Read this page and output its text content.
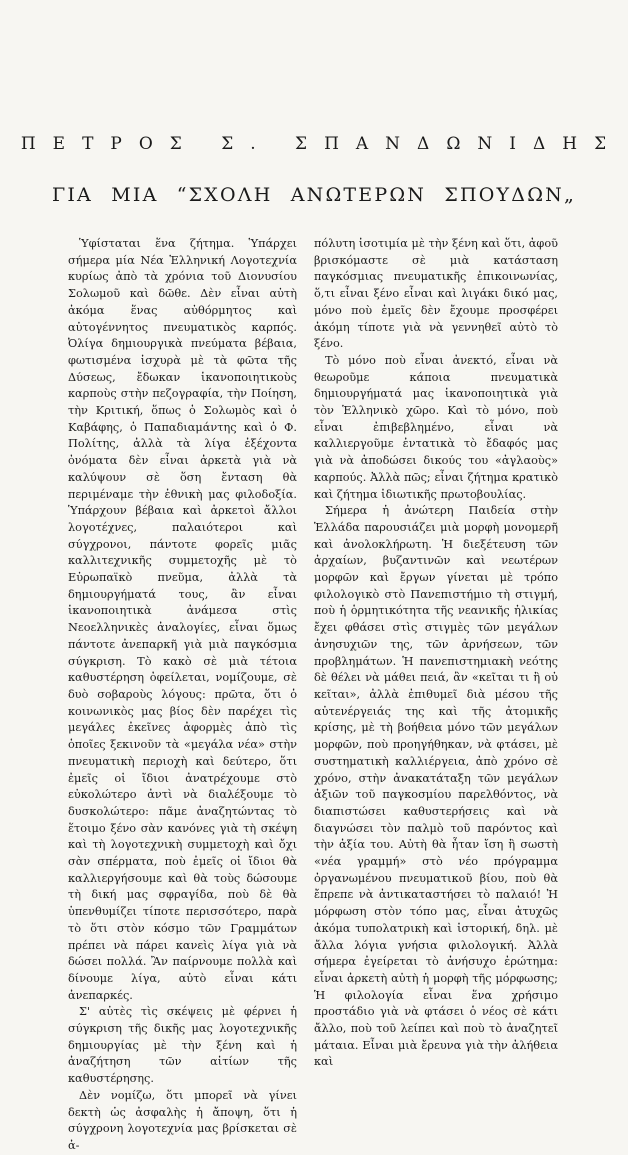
ΠΕΤΡΟΣ Σ. ΣΠΑΝΔΩΝΙΔΗΣ
ΓΙΑ ΜΙΑ “ΣΧΟΛΗ ΑΝΩΤΕΡΩΝ ΣΠΟΥΔΩΝ„

Ὑφίσταται ἕνα ζήτημα. Ὑπάρχει σήμερα μία Νέα Ἑλληνική Λογοτεχνία κυρίως ἀπὸ τὰ χρόνια τοῦ Διονυσίου Σολωμοῦ καὶ δῶθε. Δὲν εἶναι αὐτὴ ἀκόμα ἕνας αὐθόρμητος καὶ αὐτογέννητος πνευματικὸς καρπός. Ὀλίγα δημιουργικὰ πνεύματα βέβαια, φωτισμένα ἰσχυρὰ μὲ τὰ φῶτα τῆς Δύσεως, ἔδωκαν ἱκανοποιητικοὺς καρποὺς στὴν πεζογραφία, τὴν Ποίηση, τὴν Κριτική, ὅπως ὁ Σολωμὸς καὶ ὁ Καβάφης, ὁ Παπαδιαμάντης καὶ ὁ Φ. Πολίτης, ἀλλὰ τὰ λίγα ἐξέχοντα ὀνόματα δὲν εἶναι ἀρκετὰ γιὰ νὰ καλύψουν σὲ ὅση ἔνταση θὰ περιμέναμε τὴν ἐθνικὴ μας φιλοδοξία. Ὑπάρχουν βέβαια καὶ ἀρκετοὶ ἄλλοι λογοτέχνες, παλαιότεροι καὶ σύγχρονοι, πάντοτε φορεῖς μιᾶς καλλιτεχνικῆς συμμετοχῆς μὲ τὸ Εὐρωπαϊκὸ πνεῦμα, ἀλλὰ τὰ δημιουργήματά τους, ἂν εἶναι ἱκανοποιητικὰ ἀνάμεσα στὶς Νεοελληνικὲς ἀναλογίες, εἶναι ὅμως πάντοτε ἀνεπαρκῆ γιὰ μιὰ παγκόσμια σύγκριση. Τὸ κακὸ σὲ μιὰ τέτοια καθυστέρηση ὀφείλεται, νομίζουμε, σὲ δυὸ σοβαροὺς λόγους: πρῶτα, ὅτι ὁ κοινωνικὸς μας βίος δὲν παρέχει τὶς μεγάλες ἐκεῖνες ἀφορμὲς ἀπὸ τὶς ὁποῖες ξεκινοῦν τὰ «μεγάλα νέα» στὴν πνευματικὴ περιοχὴ καὶ δεύτερο, ὅτι ἐμεῖς οἱ ἴδιοι ἀνατρέχουμε στὸ εὐκολώτερο ἀντὶ νὰ διαλέξουμε τὸ δυσκολώτερο: πᾶμε ἀναζητώντας τὸ ἕτοιμο ξένο σὰν κανόνες γιὰ τὴ σκέψη καὶ τὴ λογοτεχνικὴ συμμετοχὴ καὶ ὄχι σὰν σπέρματα, ποὺ ἐμεῖς οἱ ἴδιοι θὰ καλλιεργήσουμε καὶ θὰ τοὺς δώσουμε τὴ δική μας σφραγίδα, ποὺ δὲ θὰ ὑπενθυμίζει τίποτε περισσότερο, παρὰ τὸ ὅτι στὸν κόσμο τῶν Γραμμάτων πρέπει νὰ πάρει κανεὶς λίγα γιὰ νὰ δώσει πολλά. Ἂν παίρνουμε πολλὰ καὶ δίνουμε λίγα, αὐτὸ εἶναι κάτι ἀνεπαρκές.

Σ' αὐτὲς τὶς σκέψεις μὲ φέρνει ἡ σύγκριση τῆς δικῆς μας λογοτεχνικῆς δημιουργίας μὲ τὴν ξένη καὶ ἡ ἀναζήτηση τῶν αἰτίων τῆς καθυστέρησης.

Δὲν νομίζω, ὅτι μπορεῖ νὰ γίνει δεκτὴ ὡς ἀσφαλὴς ἡ ἄποψη, ὅτι ἡ σύγχρονη λογοτεχνία μας βρίσκεται σὲ ἀ-

πόλυτη ἰσοτιμία μὲ τὴν ξένη καὶ ὅτι, ἀφοῦ βρισκόμαστε σὲ μιὰ κατάσταση παγκόσμιας πνευματικῆς ἐπικοινωνίας, ὅ,τι εἶναι ξένο εἶναι καὶ λιγάκι δικό μας, μόνο ποὺ ἐμεῖς δὲν ἔχουμε προσφέρει ἀκόμη τίποτε γιὰ νὰ γεννηθεῖ αὐτὸ τὸ ξένο.

Τὸ μόνο ποὺ εἶναι ἀνεκτό, εἶναι νὰ θεωροῦμε κάποια πνευματικὰ δημιουργήματά μας ἱκανοποιητικὰ γιὰ τὸν Ἑλληνικὸ χῶρο. Καὶ τὸ μόνο, ποὺ εἶναι ἐπιβεβλημένο, εἶναι νὰ καλλιεργοῦμε ἐντατικὰ τὸ ἔδαφός μας γιὰ νὰ ἀποδώσει δικούς του «ἀγλαοὺς» καρπούς. Ἀλλὰ πῶς; εἶναι ζήτημα κρατικὸ καὶ ζήτημα ἰδιωτικῆς πρωτοβουλίας.

Σήμερα ἡ ἀνώτερη Παιδεία στὴν Ἑλλάδα παρουσιάζει μιὰ μορφὴ μονομερῆ καὶ ἀνολοκλήρωτη. Ἡ διεξέτευση τῶν ἀρχαίων, βυζαντινῶν καὶ νεωτέρων μορφῶν καὶ ἔργων γίνεται μὲ τρόπο φιλολογικὸ στὸ Πανεπιστήμιο τὴ στιγμή, ποὺ ἡ ὁρμητικότητα τῆς νεανικῆς ἡλικίας ἔχει φθάσει στὶς στιγμὲς τῶν μεγάλων ἀνησυχιῶν της, τῶν ἀρνήσεων, τῶν προβλημάτων. Ἡ πανεπιστημιακὴ νεότης δὲ θέλει νὰ μάθει πειά, ἂν «κεῖται τι ἢ οὐ κεῖται», ἀλλὰ ἐπιθυμεῖ διὰ μέσου τῆς αὐτενέργειάς της καὶ τῆς ἀτομικῆς κρίσης, μὲ τὴ βοήθεια μόνο τῶν μεγάλων μορφῶν, ποὺ προηγήθηκαν, νὰ φτάσει, μὲ συστηματικὴ καλλιέργεια, ἀπὸ χρόνο σὲ χρόνο, στὴν ἀνακατάταξη τῶν μεγάλων ἀξιῶν τοῦ παγκοσμίου παρελθόντος, νὰ διαπιστώσει καθυστερήσεις καὶ νὰ διαγνώσει τὸν παλμὸ τοῦ παρόντος καὶ τὴν ἀξία του. Αὐτὴ θὰ ἦταν ἴση ἢ σωστὴ «νέα γραμμή» στὸ νέο πρόγραμμα ὀργανωμένου πνευματικοῦ βίου, ποὺ θὰ ἔπρεπε νὰ ἀντικαταστήσει τὸ παλαιό! Ἡ μόρφωση στὸν τόπο μας, εἶναι ἀτυχῶς ἀκόμα τυπολατρικὴ καὶ ἱστορική, δηλ. μὲ ἄλλα λόγια γνήσια φιλολογική. Ἀλλὰ σήμερα ἐγείρεται τὸ ἀνήσυχο ἐρώτημα: εἶναι ἀρκετὴ αὐτὴ ἡ μορφὴ τῆς μόρφωσης; Ἡ φιλολογία εἶναι ἕνα χρήσιμο προστάδιο γιὰ νὰ φτάσει ὁ νέος σὲ κάτι ἄλλο, ποὺ τοῦ λείπει καὶ ποὺ τὸ ἀναζητεῖ μάταια. Εἶναι μιὰ ἔρευνα γιὰ τὴν ἀλήθεια καὶ
